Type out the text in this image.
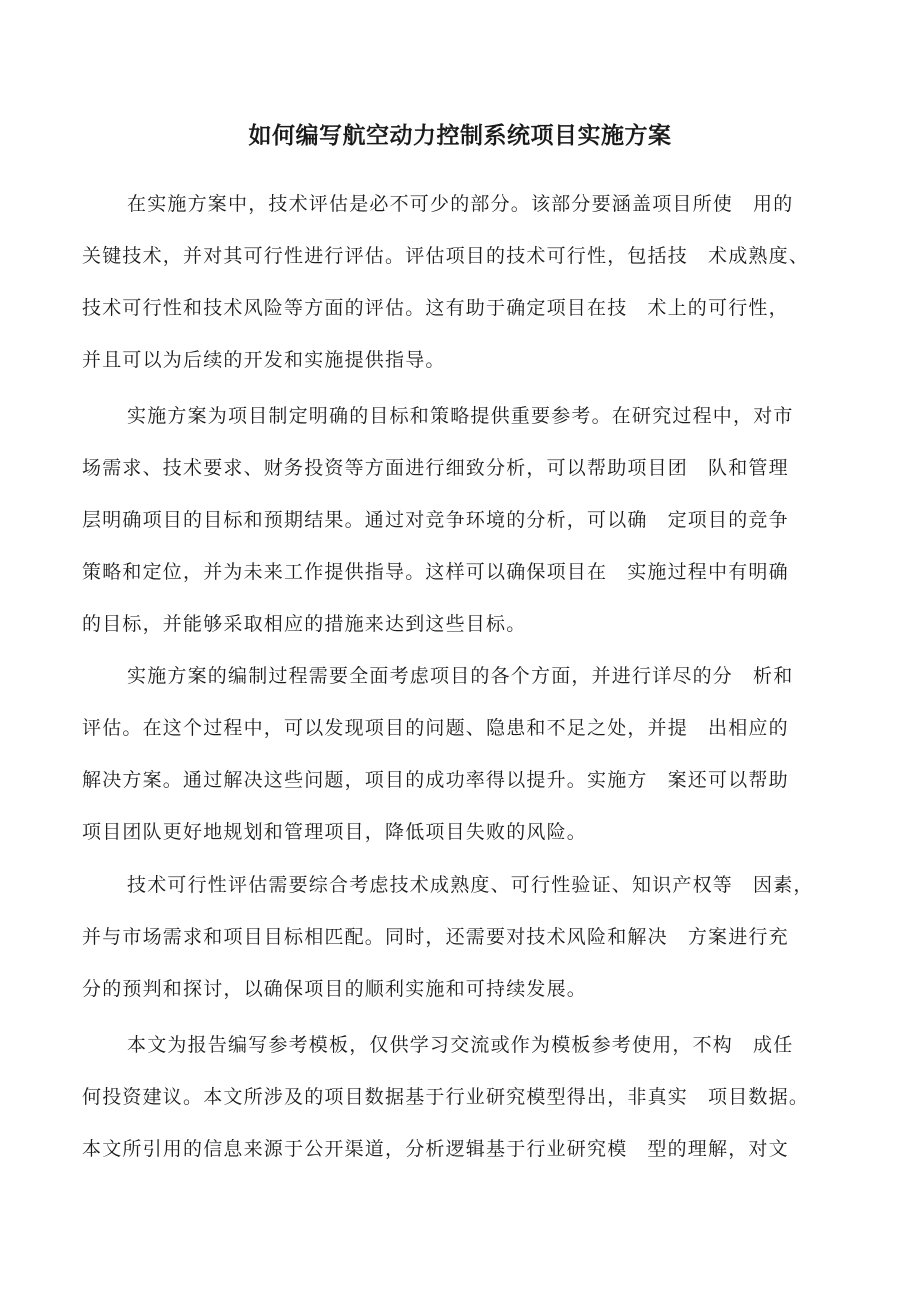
如何编写航空动力控制系统项目实施方案
在实施方案中，技术评估是必不可少的部分。该部分要涵盖项目所使 用的
关键技术，并对其可行性进行评估。评估项目的技术可行性，包括技 术成熟度、
技术可行性和技术风险等方面的评估。这有助于确定项目在技 术上的可行性，
并且可以为后续的开发和实施提供指导。
实施方案为项目制定明确的目标和策略提供重要参考。在研究过程中，对市
场需求、技术要求、财务投资等方面进行细致分析，可以帮助项目团 队和管理
层明确项目的目标和预期结果。通过对竞争环境的分析，可以确 定项目的竞争
策略和定位，并为未来工作提供指导。这样可以确保项目在 实施过程中有明确
的目标，并能够采取相应的措施来达到这些目标。
实施方案的编制过程需要全面考虑项目的各个方面，并进行详尽的分 析和
评估。在这个过程中，可以发现项目的问题、隐患和不足之处，并提 出相应的
解决方案。通过解决这些问题，项目的成功率得以提升。实施方 案还可以帮助
项目团队更好地规划和管理项目，降低项目失败的风险。
技术可行性评估需要综合考虑技术成熟度、可行性验证、知识产权等 因素，
并与市场需求和项目目标相匹配。同时，还需要对技术风险和解决 方案进行充
分的预判和探讨，以确保项目的顺利实施和可持续发展。
本文为报告编写参考模板，仅供学习交流或作为模板参考使用，不构 成任
何投资建议。本文所涉及的项目数据基于行业研究模型得出，非真实 项目数据。
本文所引用的信息来源于公开渠道，分析逻辑基于行业研究模 型的理解，对文
